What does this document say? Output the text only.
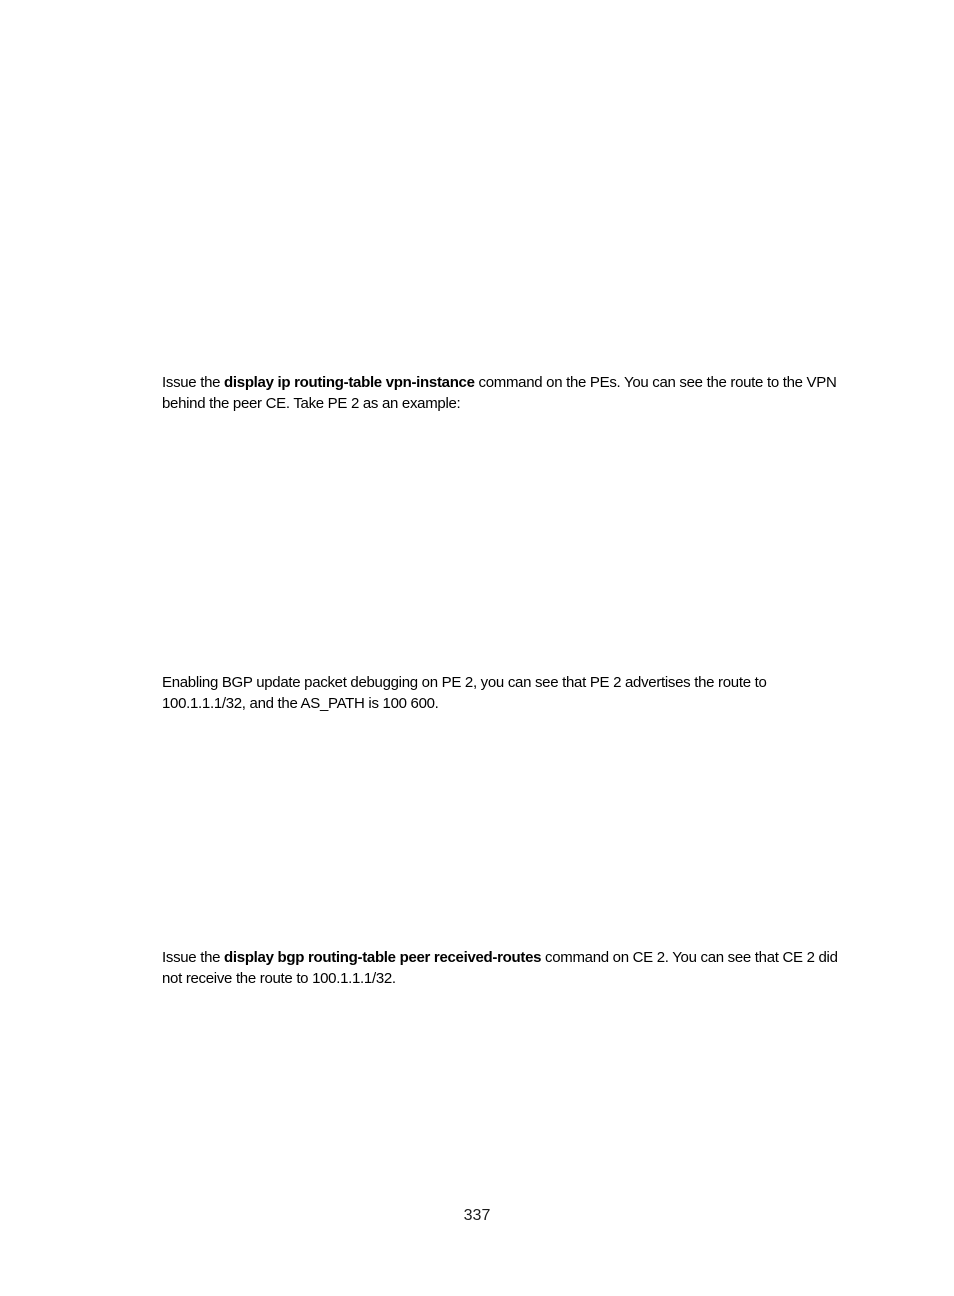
Issue the display ip routing-table vpn-instance command on the PEs. You can see the route to the VPN
behind the peer CE. Take PE 2 as an example:
Enabling BGP update packet debugging on PE 2, you can see that PE 2 advertises the route to
100.1.1.1/32, and the AS_PATH is 100 600.
Issue the display bgp routing-table peer received-routes command on CE 2. You can see that CE 2 did
not receive the route to 100.1.1.1/32.
337
